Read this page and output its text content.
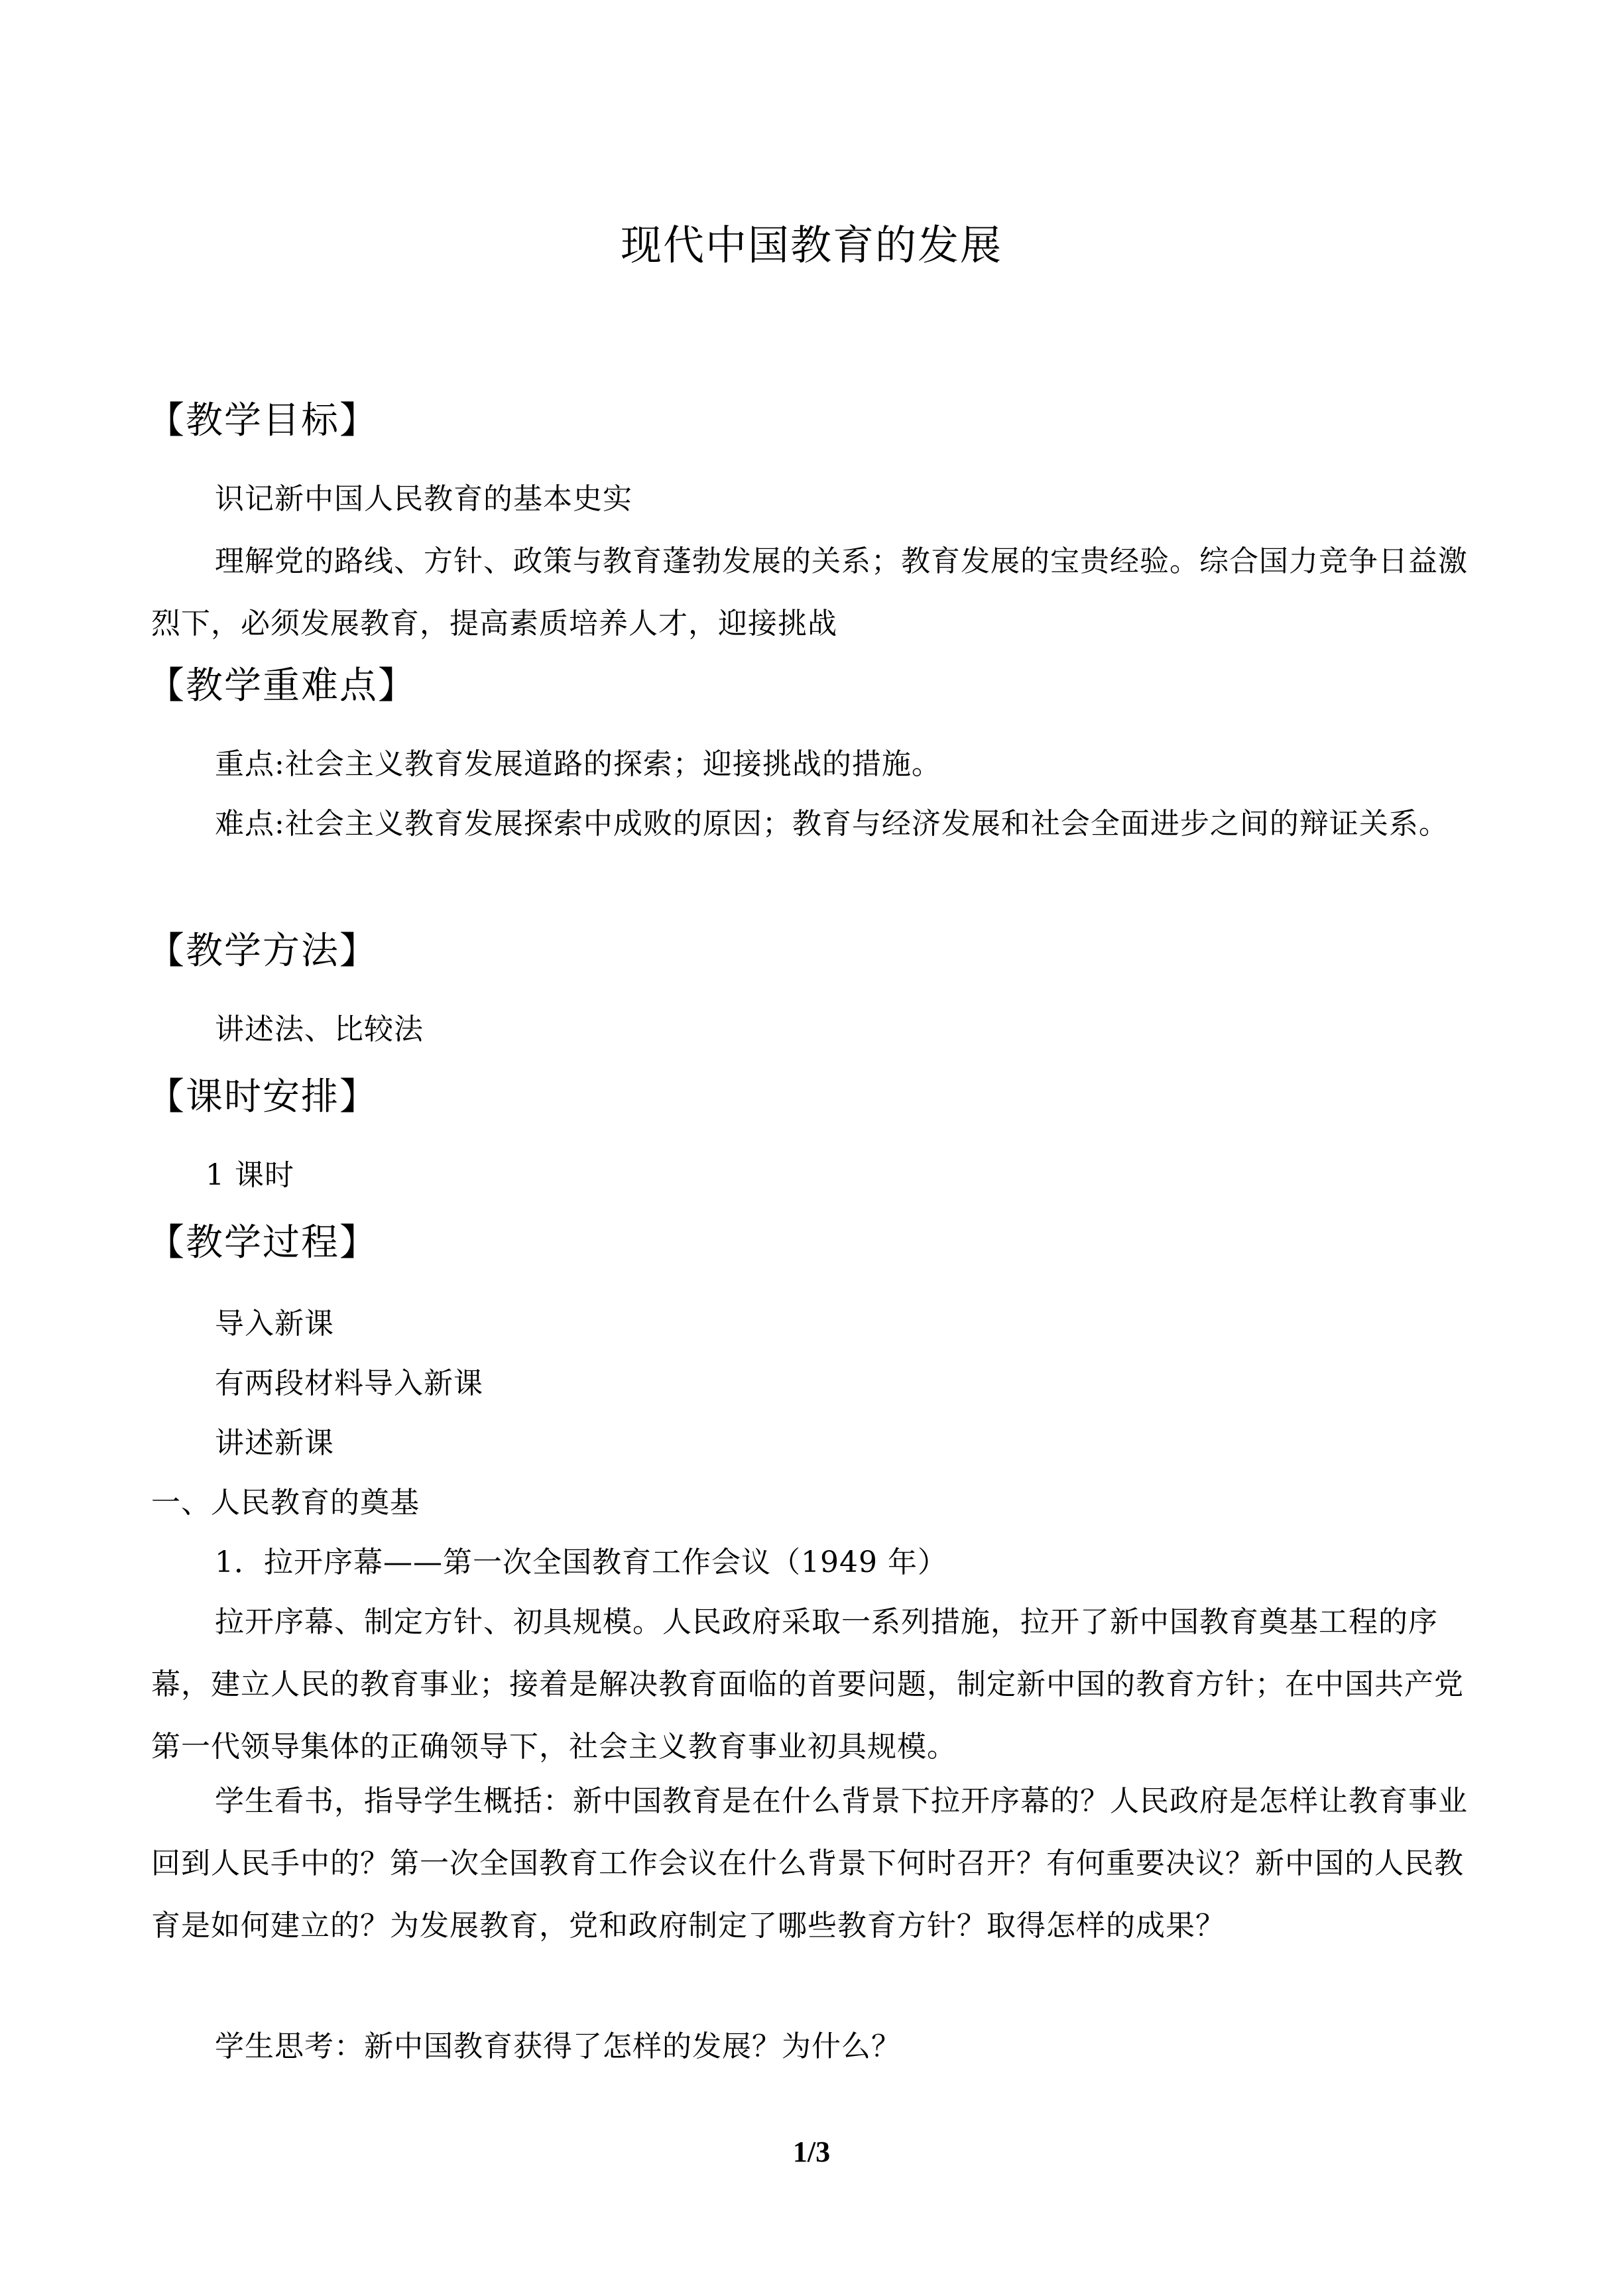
现代中国教育的发展
【教学目标】
识记新中国人民教育的基本史实
理解党的路线、方针、政策与教育蓬勃发展的关系；教育发展的宝贵经验。综合国力竞争日益激烈下，必须发展教育，提高素质培养人才，迎接挑战
【教学重难点】
重点:社会主义教育发展道路的探索；迎接挑战的措施。
难点:社会主义教育发展探索中成败的原因；教育与经济发展和社会全面进步之间的辩证关系。
【教学方法】
讲述法、比较法
【课时安排】
1 课时
【教学过程】
导入新课
有两段材料导入新课
讲述新课
一、人民教育的奠基
1．拉开序幕——第一次全国教育工作会议（1949 年）
拉开序幕、制定方针、初具规模。人民政府采取一系列措施，拉开了新中国教育奠基工程的序幕，建立人民的教育事业；接着是解决教育面临的首要问题，制定新中国的教育方针；在中国共产党第一代领导集体的正确领导下，社会主义教育事业初具规模。
学生看书，指导学生概括：新中国教育是在什么背景下拉开序幕的？人民政府是怎样让教育事业回到人民手中的？第一次全国教育工作会议在什么背景下何时召开？有何重要决议？新中国的人民教育是如何建立的？为发展教育，党和政府制定了哪些教育方针？取得怎样的成果？
学生思考：新中国教育获得了怎样的发展？为什么？
1/3
